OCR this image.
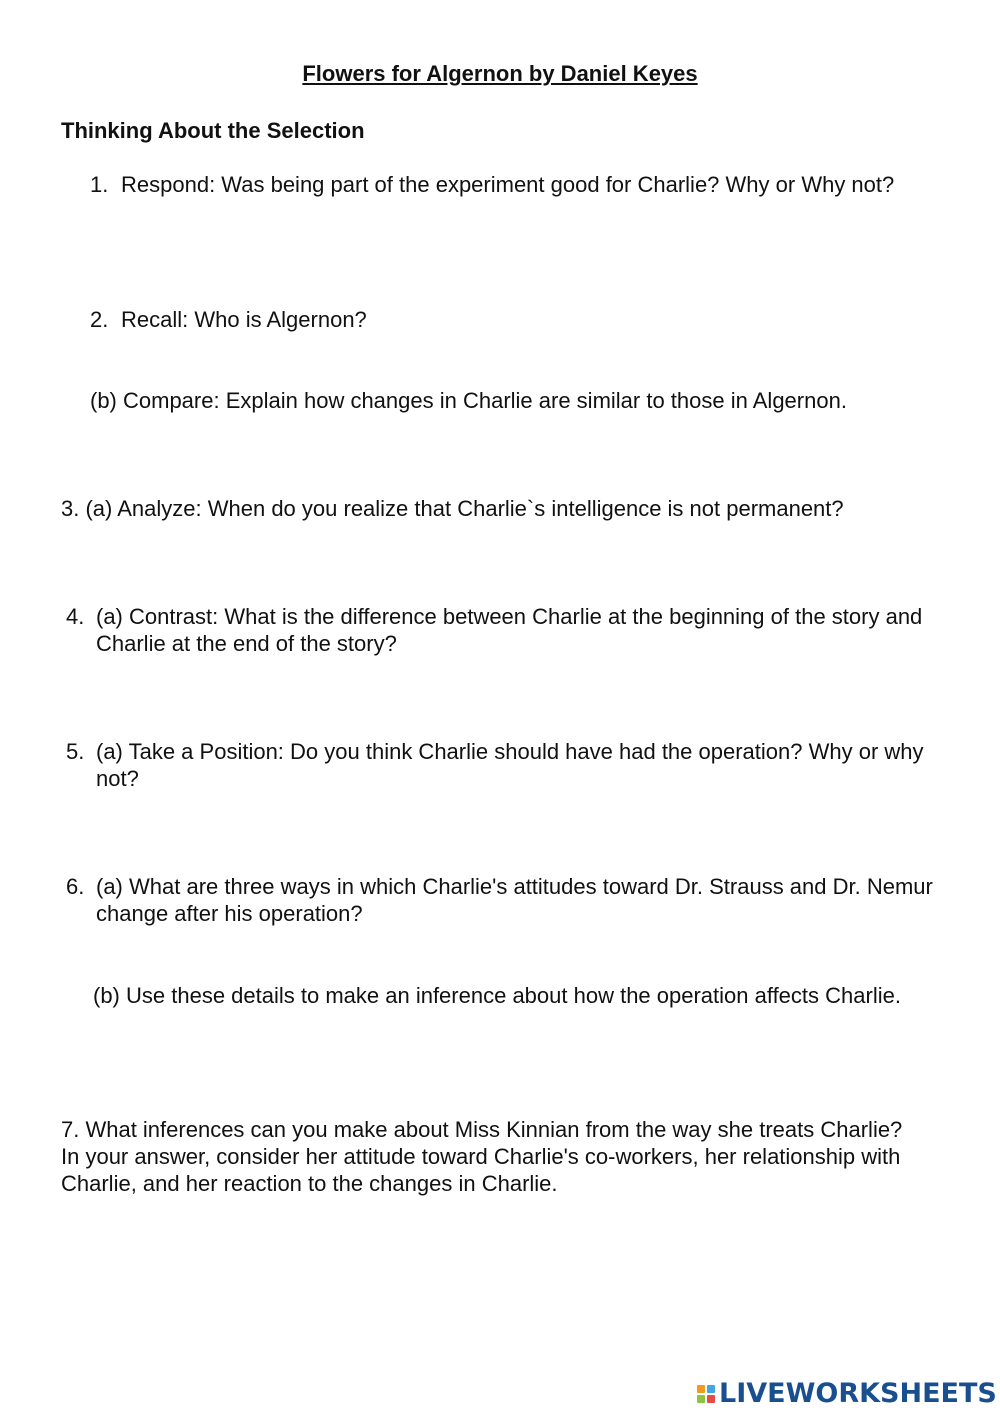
Flowers for Algernon by Daniel Keyes
Thinking About the Selection
1. Respond: Was being part of the experiment good for Charlie? Why or Why not?
2. Recall: Who is Algernon?
(b) Compare: Explain how changes in Charlie are similar to those in Algernon.
3. (a) Analyze: When do you realize that Charlie`s intelligence is not permanent?
4. (a) Contrast: What is the difference between Charlie at the beginning of the story and Charlie at the end of the story?
5. (a) Take a Position: Do you think Charlie should have had the operation? Why or why not?
6. (a) What are three ways in which Charlie's attitudes toward Dr. Strauss and Dr. Nemur change after his operation?
(b) Use these details to make an inference about how the operation affects Charlie.
7. What inferences can you make about Miss Kinnian from the way she treats Charlie? In your answer, consider her attitude toward Charlie's co-workers, her relationship with Charlie, and her reaction to the changes in Charlie.
LIVEWORKSHEETS
